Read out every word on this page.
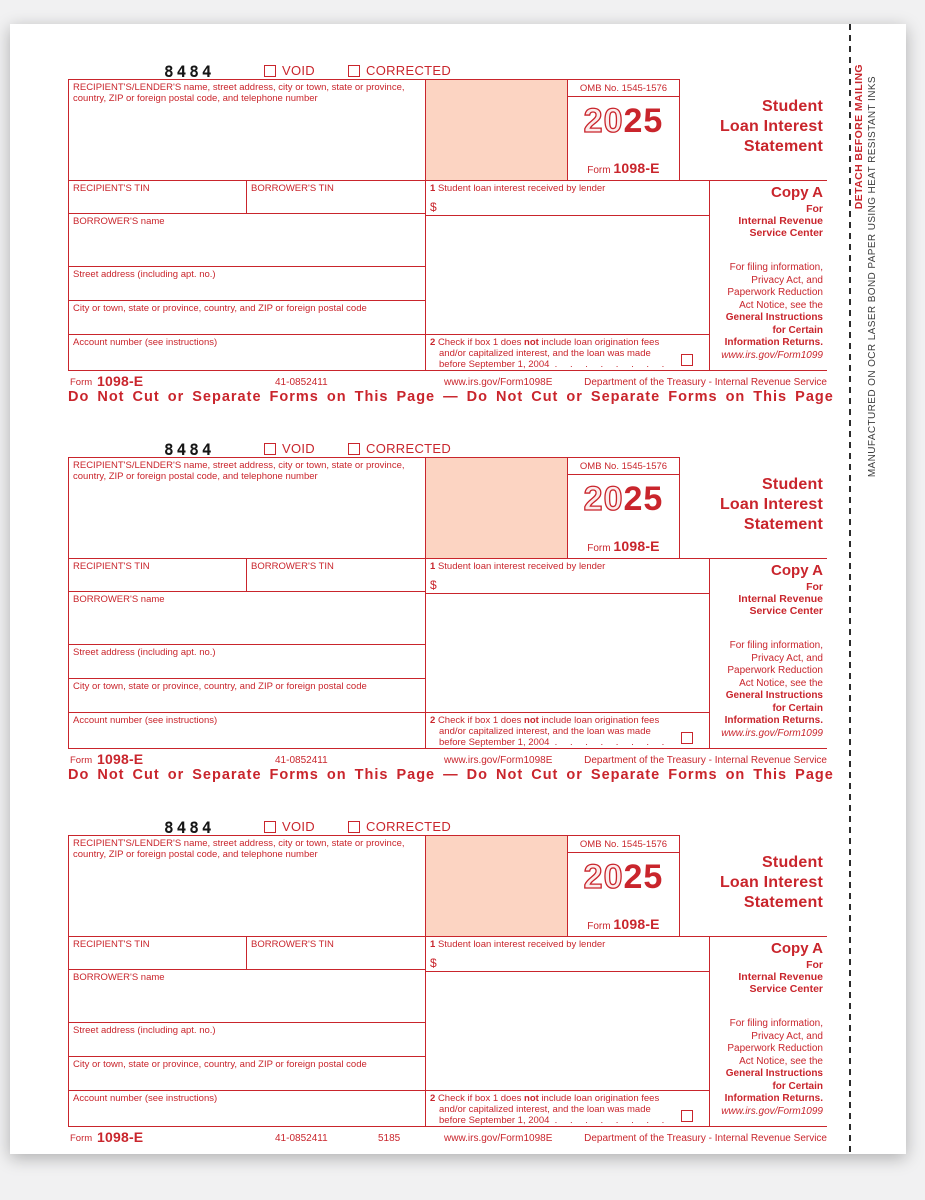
8484	VOID	CORRECTED
RECIPIENT'S/LENDER'S name, street address, city or town, state or province, country, ZIP or foreign postal code, and telephone number
OMB No. 1545-1576
2025
Form 1098-E
Student
Loan Interest
Statement
RECIPIENT'S TIN	BORROWER'S TIN	1 Student loan interest received by lender
$
BORROWER'S name
Street address (including apt. no.)
City or town, state or province, country, and ZIP or foreign postal code
Account number (see instructions)	2 Check if box 1 does not include loan origination fees and/or capitalized interest, and the loan was made before September 1, 2004 . . . . . . . .
Copy A
For
Internal Revenue
Service Center
For filing information,
Privacy Act, and
Paperwork Reduction
Act Notice, see the
General Instructions
for Certain
Information Returns.
www.irs.gov/Form1099
Form 1098-E	41-0852411	www.irs.gov/Form1098E	Department of the Treasury - Internal Revenue Service
Do Not Cut or Separate Forms on This Page — Do Not Cut or Separate Forms on This Page
8484	VOID	CORRECTED
RECIPIENT'S/LENDER'S name, street address, city or town, state or province, country, ZIP or foreign postal code, and telephone number
OMB No. 1545-1576
2025
Form 1098-E
Student
Loan Interest
Statement
RECIPIENT'S TIN	BORROWER'S TIN	1 Student loan interest received by lender
$
BORROWER'S name
Street address (including apt. no.)
City or town, state or province, country, and ZIP or foreign postal code
Account number (see instructions)	2 Check if box 1 does not include loan origination fees and/or capitalized interest, and the loan was made before September 1, 2004 . . . . . . . .
Copy A
For
Internal Revenue
Service Center
For filing information,
Privacy Act, and
Paperwork Reduction
Act Notice, see the
General Instructions
for Certain
Information Returns.
www.irs.gov/Form1099
Form 1098-E	41-0852411	www.irs.gov/Form1098E	Department of the Treasury - Internal Revenue Service
Do Not Cut or Separate Forms on This Page — Do Not Cut or Separate Forms on This Page
8484	VOID	CORRECTED
RECIPIENT'S/LENDER'S name, street address, city or town, state or province, country, ZIP or foreign postal code, and telephone number
OMB No. 1545-1576
2025
Form 1098-E
Student
Loan Interest
Statement
RECIPIENT'S TIN	BORROWER'S TIN	1 Student loan interest received by lender
$
BORROWER'S name
Street address (including apt. no.)
City or town, state or province, country, and ZIP or foreign postal code
Account number (see instructions)	2 Check if box 1 does not include loan origination fees and/or capitalized interest, and the loan was made before September 1, 2004 . . . . . . . .
Copy A
For
Internal Revenue
Service Center
For filing information,
Privacy Act, and
Paperwork Reduction
Act Notice, see the
General Instructions
for Certain
Information Returns.
www.irs.gov/Form1099
Form 1098-E	41-0852411	5185	www.irs.gov/Form1098E	Department of the Treasury - Internal Revenue Service
DETACH BEFORE MAILING MANUFACTURED ON OCR LASER BOND PAPER USING HEAT RESISTANT INKS
